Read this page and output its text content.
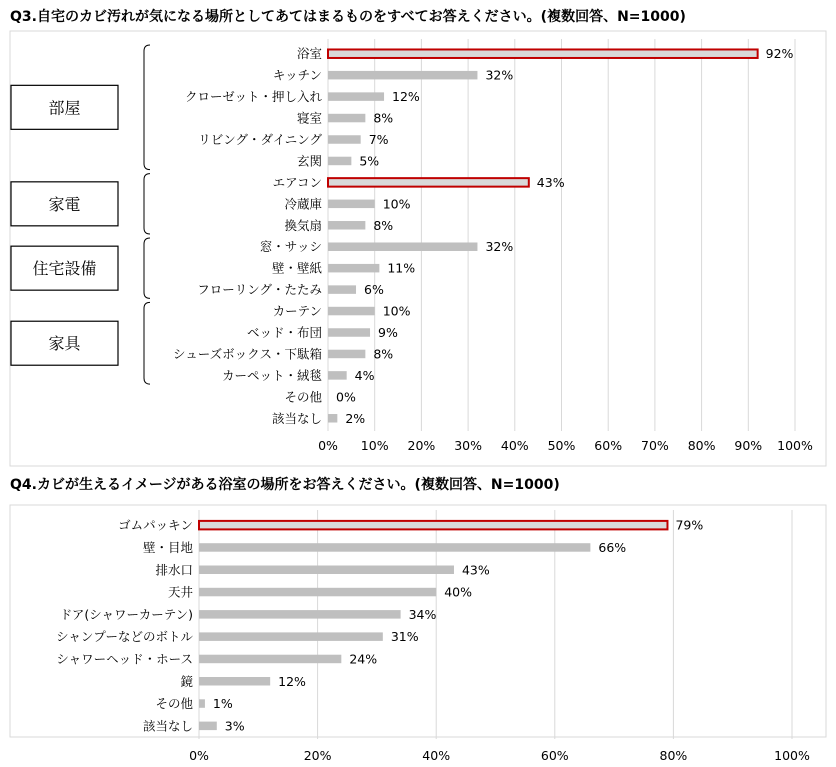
Q3.自宅のカビ汚れが気になる場所としてあてはまるものをすべてお答えください。(複数回答、N=1000)
Q4.カビが生えるイメージがある浴室の場所をお答えください。(複数回答、N=1000)
0% 10% 20% 30% 40% 50% 60% 70% 80% 90% 100%
浴室	92%
キッチン	32%
クローゼット・押し入れ	12%
寝室	8%
リビング・ダイニング	7%
玄関	5%
エアコン	43%
冷蔵庫	10%
換気扇	8%
窓・サッシ	32%
壁・壁紙	11%
フローリング・たたみ	6%
カーテン	10%
ベッド・布団	9%
シューズボックス・下駄箱	8%
カーペット・絨毯	4%
その他 0%
該当なし 2%
部屋
家電
住宅設備
家具
0%	20%	40%	60%	80%	100%
ゴムパッキン	79%
壁・目地	66%
排水口	43%
天井	40%
ドア(シャワーカーテン)	34%
シャンプーなどのボトル	31%
シャワーヘッド・ホース	24%
鏡	12%
その他 1%
該当なし	3%
